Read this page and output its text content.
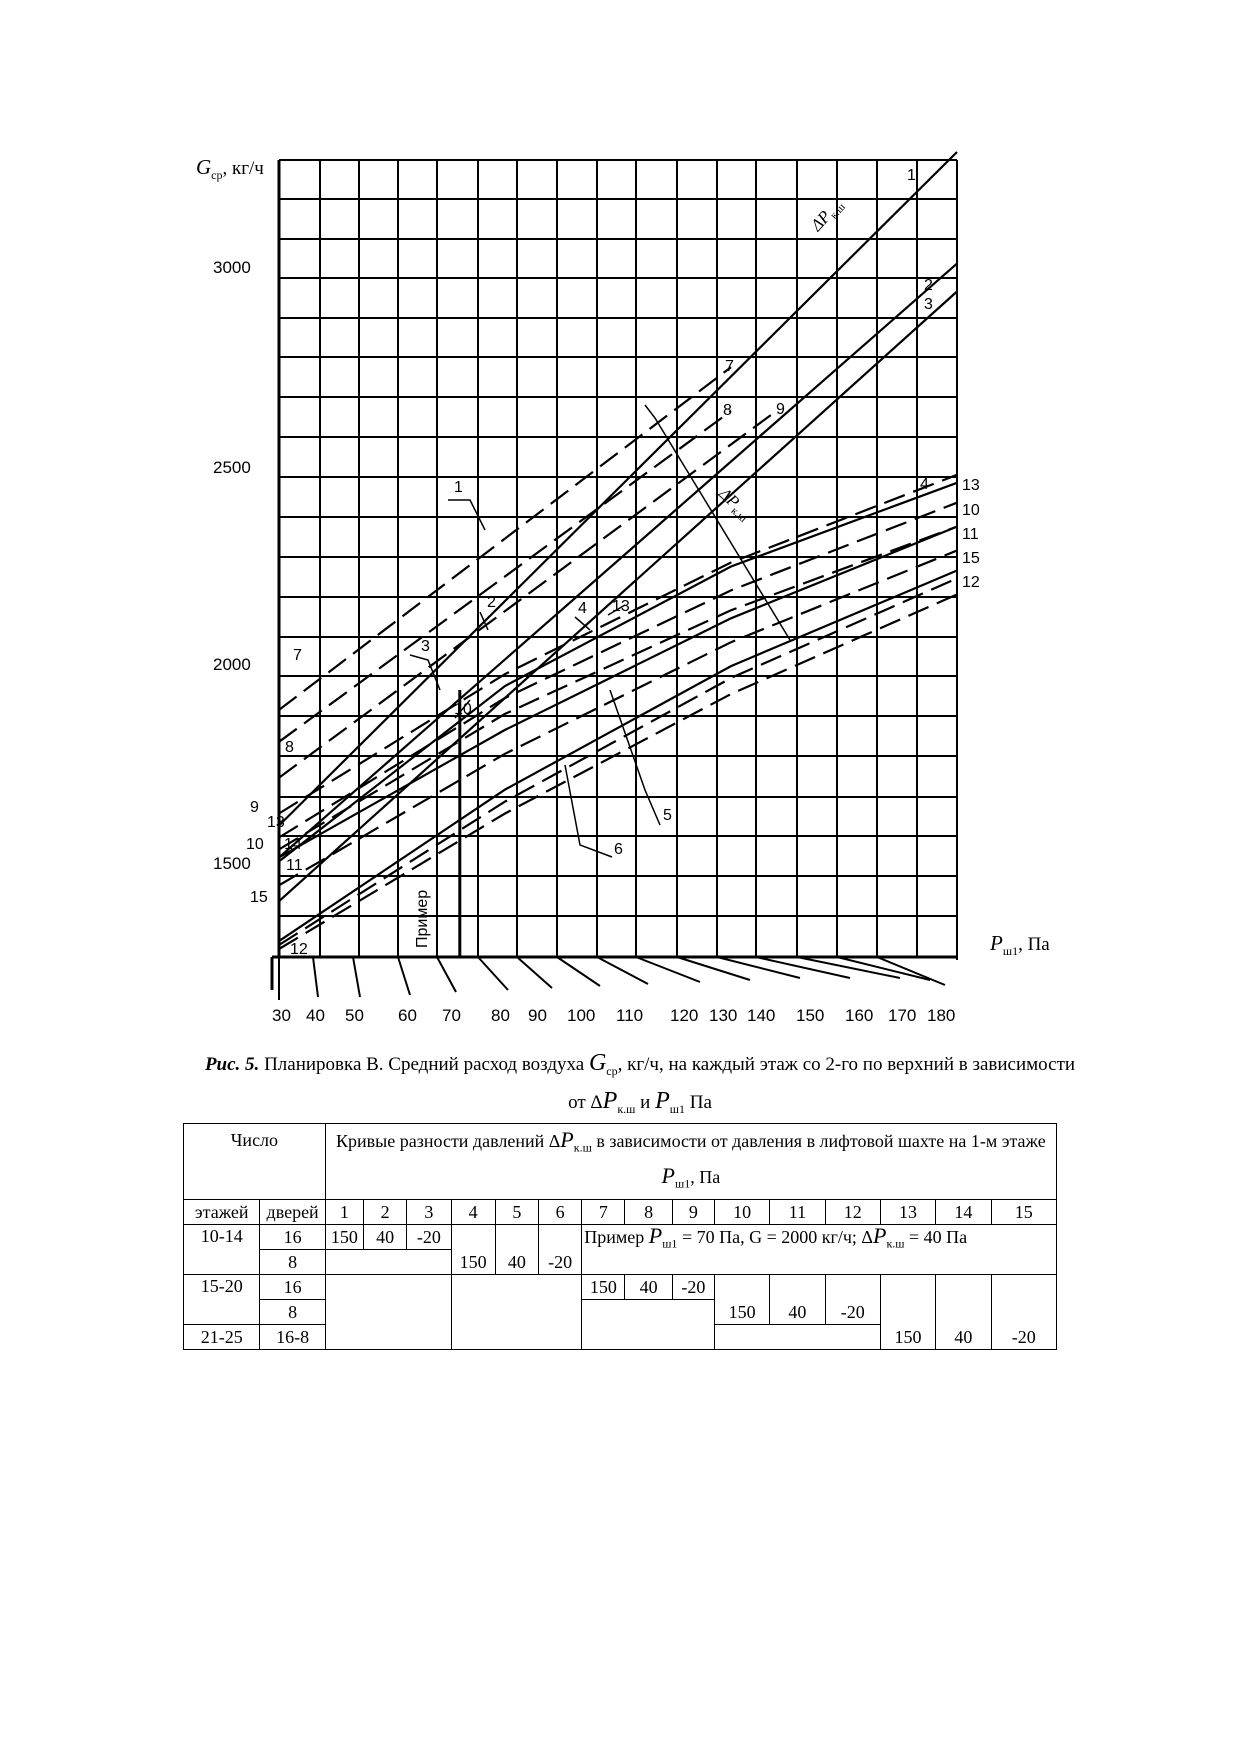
$G_{ср}$, кг/ч
3000
2500
2000
1500
$P_{ш1}$, Па
30 40 50 60 70 80 90 100 110 120 130 140 150 160 170 180
Пример
$\Delta P_{к.ш}$
$\Delta P_{к.ш}$
1
2
3
7
8	9
4 13
10
11
15
12
7
8
9
13
10 14
11
15
12
1
2
3
10
4 13
5
6
Рис. 5. Планировка В. Средний расход воздуха $G_{ср}$, кг/ч, на каждый этаж со 2-го по верхний в зависимости от $\Delta P_{к.ш}$ и $P_{ш1}$ Па
Число		Кривые разности давлений $\Delta P_{к.ш}$ в зависимости от давления в лифтовой шахте на 1-м этаже $P_{ш1}$, Па														
этажей	дверей	1	2	3	4	5	6	7	8	9	10	11	12	13	14	15
10-14	16	150	40	-20				Пример $P_{ш1} = 70$ Па, G = 2000 кг/ч; $\Delta P_{к.ш} = 40$ Па								
	8				150	40	-20									
15-20	16							150	40	-20						
	8										150	40	-20			
21-25	16-8													150	40	-20
